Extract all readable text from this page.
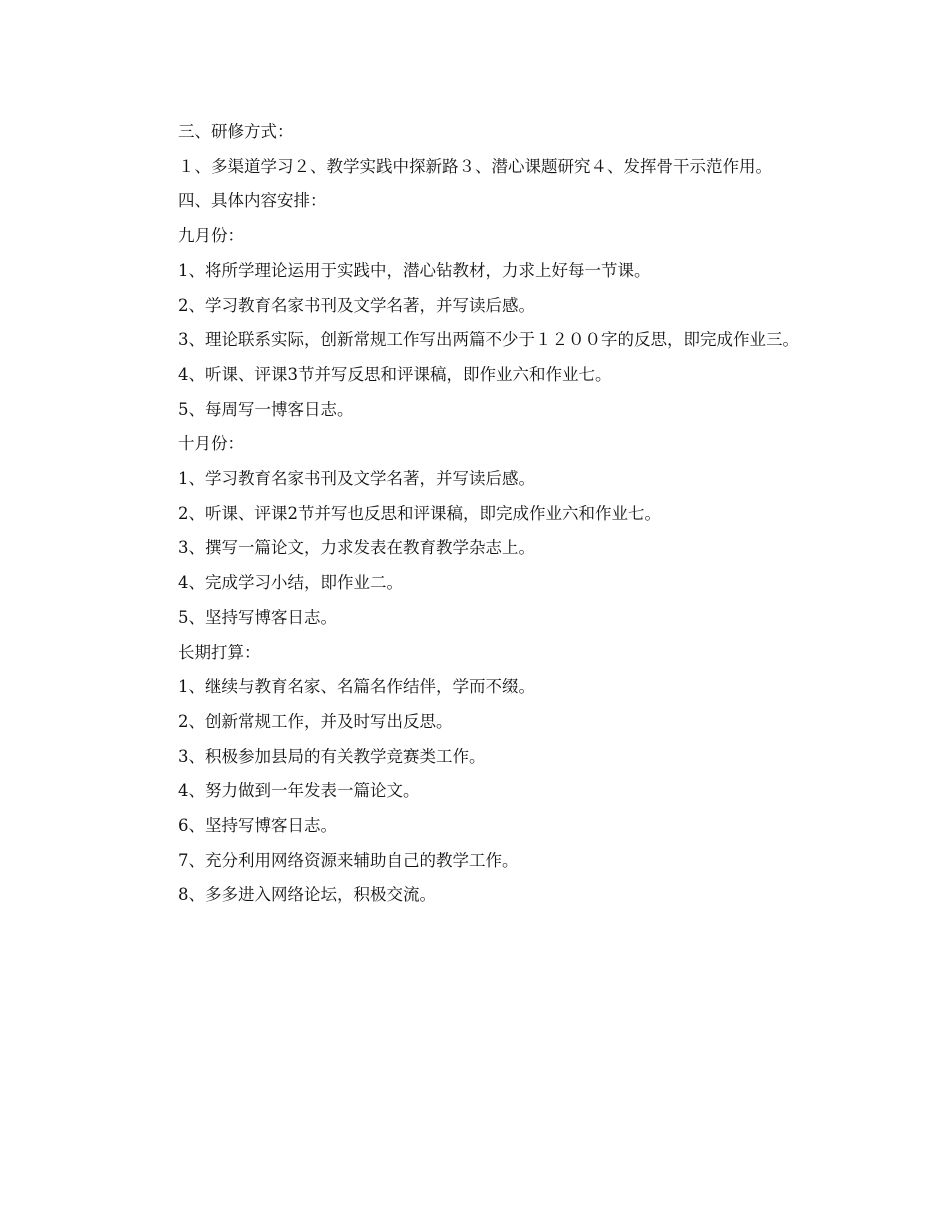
三、研修方式：

１、多渠道学习２、教学实践中探新路３、潜心课题研究４、发挥骨干示范作用。

四、具体内容安排：

九月份：

1、将所学理论运用于实践中，潜心钻教材，力求上好每一节课。

2、学习教育名家书刊及文学名著，并写读后感。

3、理论联系实际，创新常规工作写出两篇不少于１２００字的反思，即完成作业三。

4、听课、评课3节并写反思和评课稿，即作业六和作业七。

5、每周写一博客日志。

十月份：

1、学习教育名家书刊及文学名著，并写读后感。

2、听课、评课2节并写也反思和评课稿，即完成作业六和作业七。

3、撰写一篇论文，力求发表在教育教学杂志上。

4、完成学习小结，即作业二。

5、坚持写博客日志。

长期打算：

1、继续与教育名家、名篇名作结伴，学而不缀。

2、创新常规工作，并及时写出反思。

3、积极参加县局的有关教学竞赛类工作。

4、努力做到一年发表一篇论文。

6、坚持写博客日志。

7、充分利用网络资源来辅助自己的教学工作。

8、多多进入网络论坛，积极交流。
